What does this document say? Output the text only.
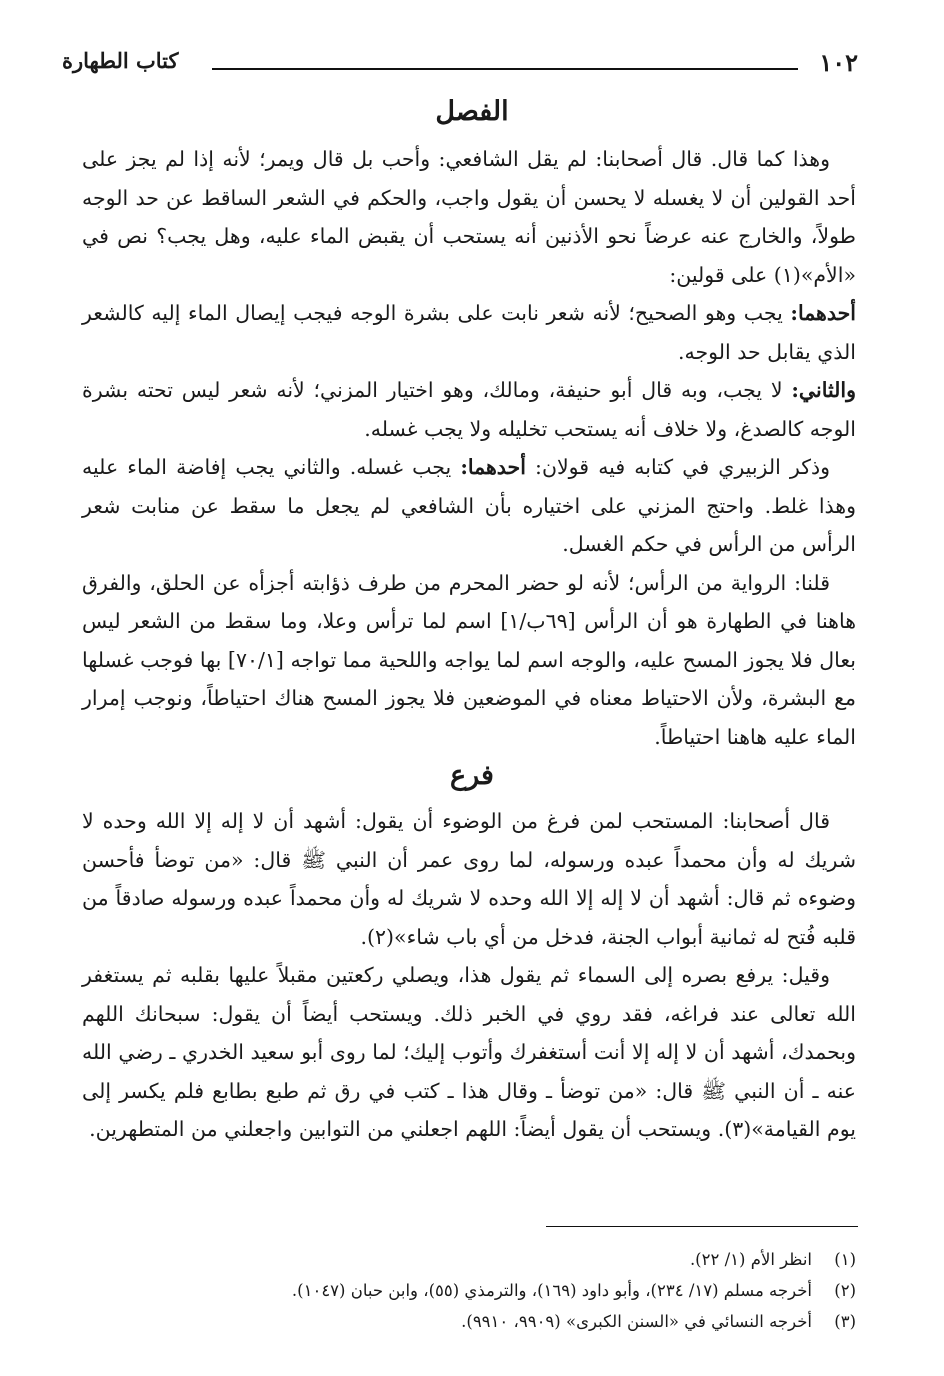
١٠٢
كتاب الطهارة
الفصل

وهذا كما قال. قال أصحابنا: لم يقل الشافعي: وأحب بل قال ويمر؛ لأنه إذا لم يجز على أحد القولين أن لا يغسله لا يحسن أن يقول واجب، والحكم في الشعر الساقط عن حد الوجه طولاً، والخارج عنه عرضاً نحو الأذنين أنه يستحب أن يقبض الماء عليه، وهل يجب؟ نص في «الأم»(١) على قولين:

أحدهما: يجب وهو الصحيح؛ لأنه شعر نابت على بشرة الوجه فيجب إيصال الماء إليه كالشعر الذي يقابل حد الوجه.

والثاني: لا يجب، وبه قال أبو حنيفة، ومالك، وهو اختيار المزني؛ لأنه شعر ليس تحته بشرة الوجه كالصدغ، ولا خلاف أنه يستحب تخليله ولا يجب غسله.

وذكر الزبيري في كتابه فيه قولان: أحدهما: يجب غسله. والثاني يجب إفاضة الماء عليه وهذا غلط. واحتج المزني على اختياره بأن الشافعي لم يجعل ما سقط عن منابت شعر الرأس من الرأس في حكم الغسل.

قلنا: الرواية من الرأس؛ لأنه لو حضر المحرم من طرف ذؤابته أجزأه عن الحلق، والفرق هاهنا في الطهارة هو أن الرأس [٦٩ب/١] اسم لما ترأس وعلا، وما سقط من الشعر ليس بعال فلا يجوز المسح عليه، والوجه اسم لما يواجه واللحية مما تواجه [٧٠/١] بها فوجب غسلها مع البشرة، ولأن الاحتياط معناه في الموضعين فلا يجوز المسح هناك احتياطاً، ونوجب إمرار الماء عليه هاهنا احتياطاً.

فرع

قال أصحابنا: المستحب لمن فرغ من الوضوء أن يقول: أشهد أن لا إله إلا الله وحده لا شريك له وأن محمداً عبده ورسوله، لما روى عمر أن النبي ﷺ قال: «من توضأ فأحسن وضوءه ثم قال: أشهد أن لا إله إلا الله وحده لا شريك له وأن محمداً عبده ورسوله صادقاً من قلبه فُتح له ثمانية أبواب الجنة، فدخل من أي باب شاء»(٢).

وقيل: يرفع بصره إلى السماء ثم يقول هذا، ويصلي ركعتين مقبلاً عليها بقلبه ثم يستغفر الله تعالى عند فراغه، فقد روي في الخبر ذلك. ويستحب أيضاً أن يقول: سبحانك اللهم وبحمدك، أشهد أن لا إله إلا أنت أستغفرك وأتوب إليك؛ لما روى أبو سعيد الخدري ـ رضي الله عنه ـ أن النبي ﷺ قال: «من توضأ ـ وقال هذا ـ كتب في رق ثم طبع بطابع فلم يكسر إلى يوم القيامة»(٣). ويستحب أن يقول أيضاً: اللهم اجعلني من التوابين واجعلني من المتطهرين.

(١)انظر الأم (١/ ٢٢).
(٢)أخرجه مسلم (١٧/ ٢٣٤)، وأبو داود (١٦٩)، والترمذي (٥٥)، وابن حبان (١٠٤٧).
(٣)أخرجه النسائي في «السنن الكبرى» (٩٩٠٩، ٩٩١٠).
